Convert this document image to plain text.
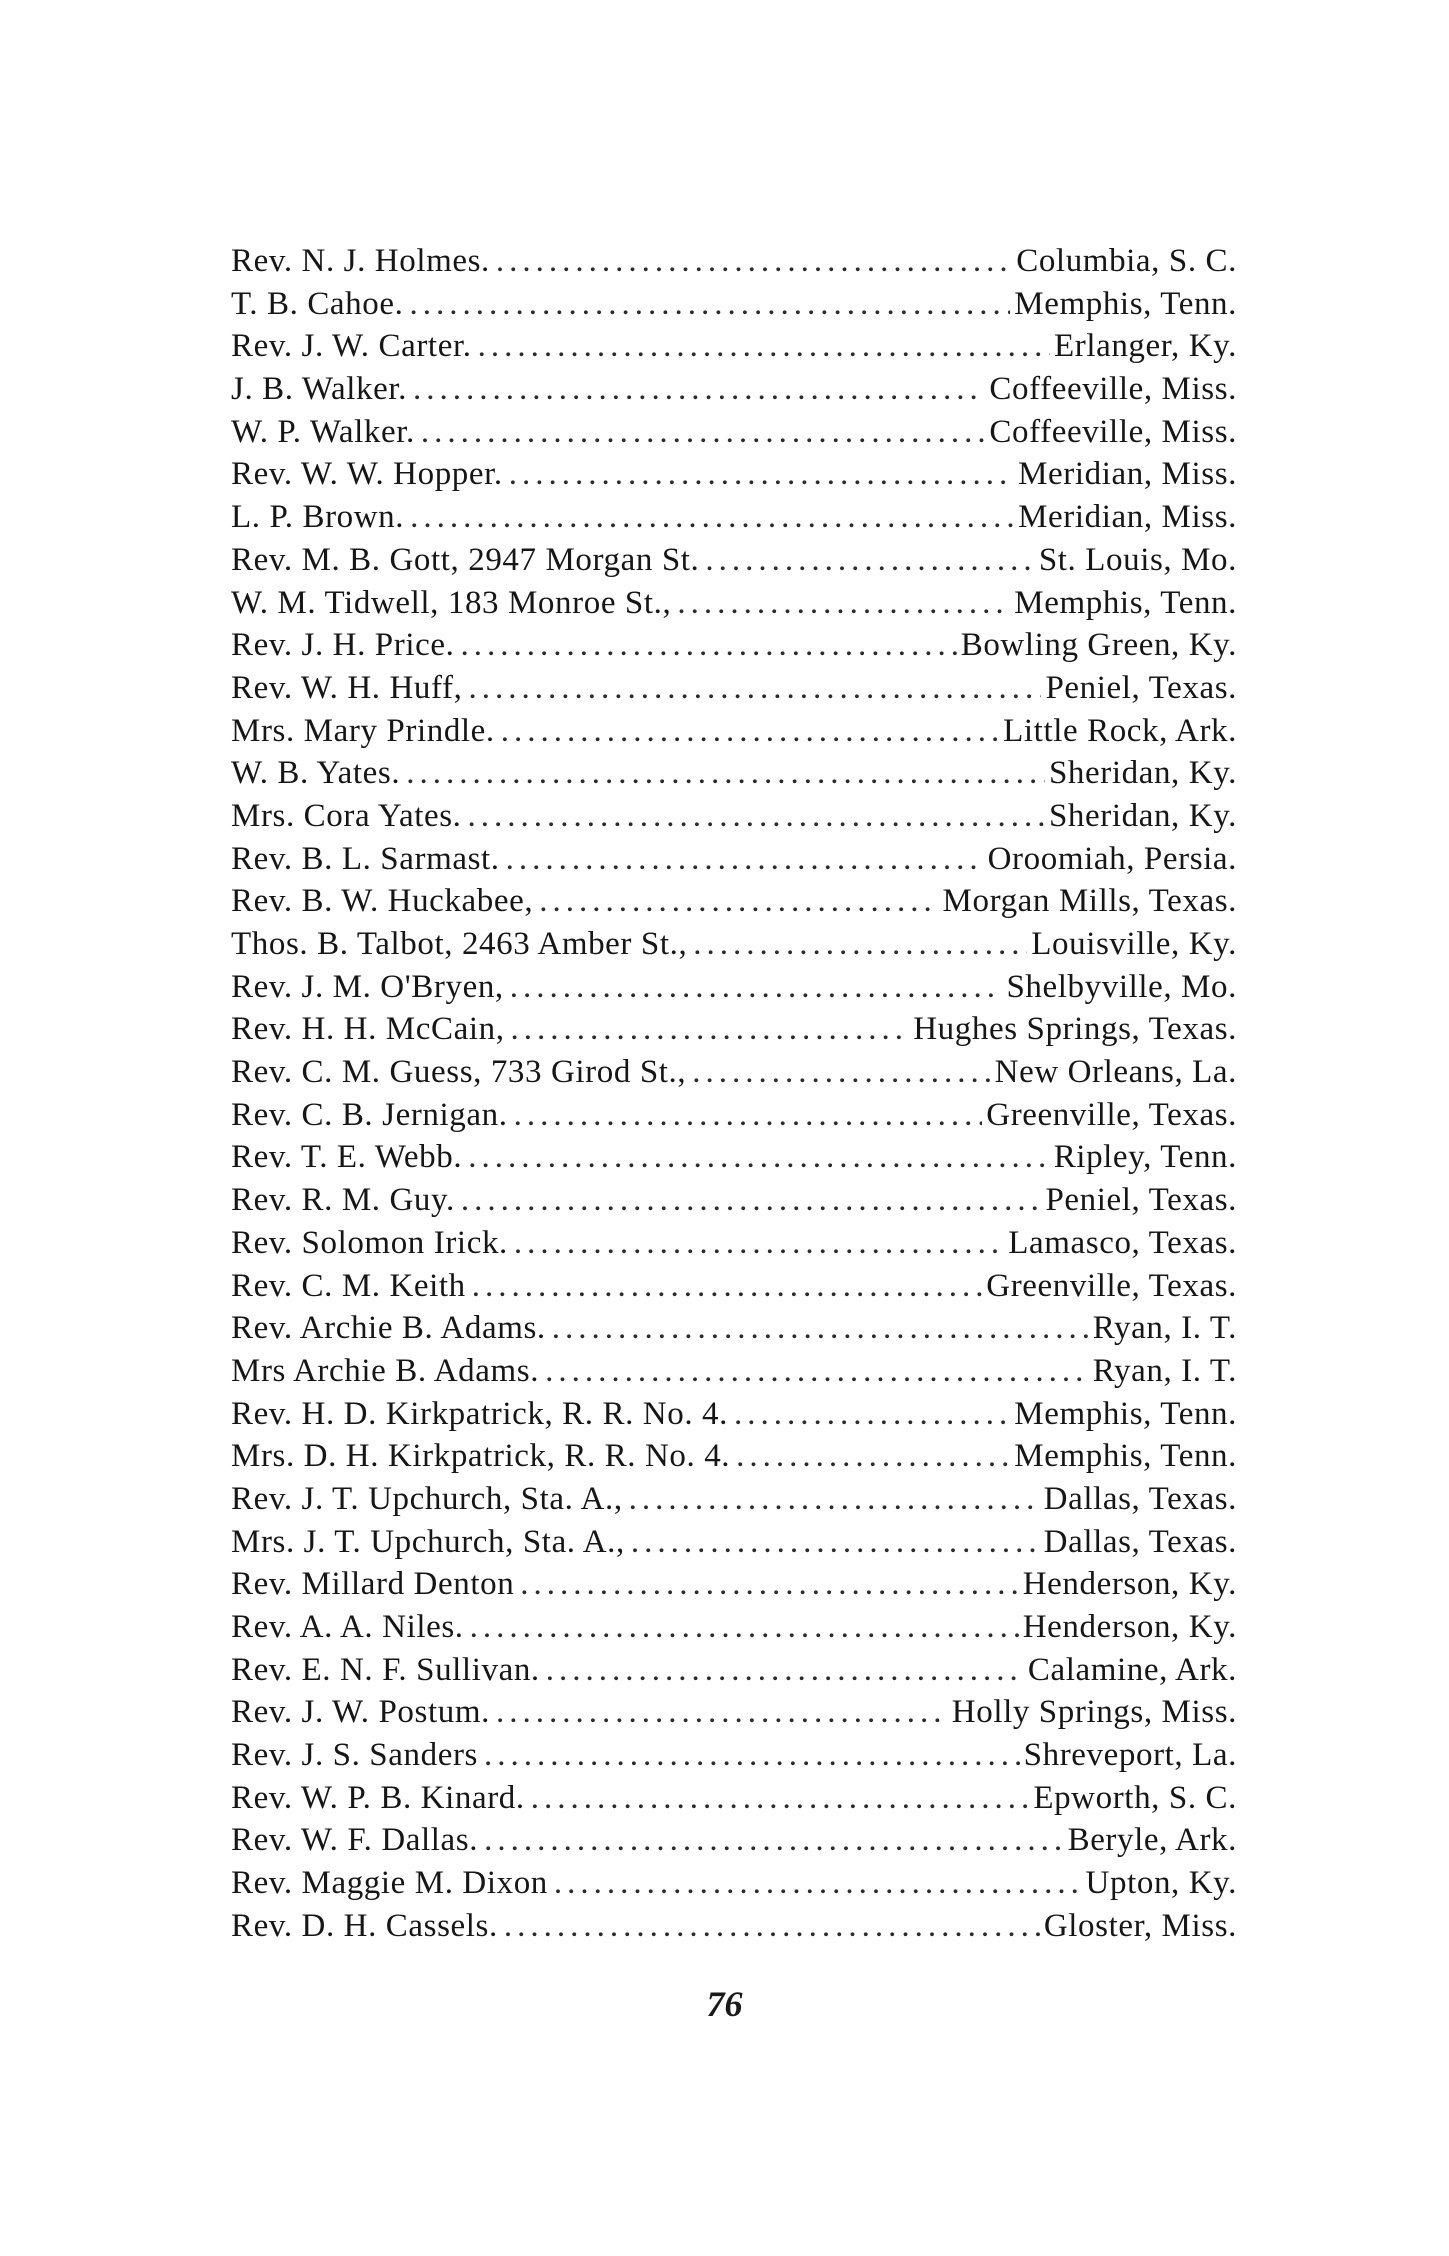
Rev. N. J. Holmes. .....	Columbia, S. C.
T. B. Cahoe. .....	Memphis, Tenn.
Rev. J. W. Carter. .....	Erlanger, Ky.
J. B. Walker. .....	Coffeeville, Miss.
W. P. Walker. .....	Coffeeville, Miss.
Rev. W. W. Hopper. .....	Meridian, Miss.
L. P. Brown. .....	Meridian, Miss.
Rev. M. B. Gott, 2947 Morgan St. .....	St. Louis, Mo.
W. M. Tidwell, 183 Monroe St., .....	Memphis, Tenn.
Rev. J. H. Price. .....	Bowling Green, Ky.
Rev. W. H. Huff, .....	Peniel, Texas.
Mrs. Mary Prindle. .....	Little Rock, Ark.
W. B. Yates. .....	Sheridan, Ky.
Mrs. Cora Yates. .....	Sheridan, Ky.
Rev. B. L. Sarmast. .....	Oroomiah, Persia.
Rev. B. W. Huckabee, .....	Morgan Mills, Texas.
Thos. B. Talbot, 2463 Amber St., .....	Louisville, Ky.
Rev. J. M. O'Bryen, .....	Shelbyville, Mo.
Rev. H. H. McCain, .....	Hughes Springs, Texas.
Rev. C. M. Guess, 733 Girod St., .....	New Orleans, La.
Rev. C. B. Jernigan. .....	Greenville, Texas.
Rev. T. E. Webb. .....	Ripley, Tenn.
Rev. R. M. Guy. .....	Peniel, Texas.
Rev. Solomon Irick. .....	Lamasco, Texas.
Rev. C. M. Keith .....	Greenville, Texas.
Rev. Archie B. Adams. .....	Ryan, I. T.
Mrs Archie B. Adams. .....	Ryan, I. T.
Rev. H. D. Kirkpatrick, R. R. No. 4. .....	Memphis, Tenn.
Mrs. D. H. Kirkpatrick, R. R. No. 4. .....	Memphis, Tenn.
Rev. J. T. Upchurch, Sta. A., .....	Dallas, Texas.
Mrs. J. T. Upchurch, Sta. A., .....	Dallas, Texas.
Rev. Millard Denton .....	Henderson, Ky.
Rev. A. A. Niles. .....	Henderson, Ky.
Rev. E. N. F. Sullivan. .....	Calamine, Ark.
Rev. J. W. Postum. .....	Holly Springs, Miss.
Rev. J. S. Sanders .....	Shreveport, La.
Rev. W. P. B. Kinard. .....	Epworth, S. C.
Rev. W. F. Dallas. .....	Beryle, Ark.
Rev. Maggie M. Dixon .....	Upton, Ky.
Rev. D. H. Cassels. .....	Gloster, Miss.
76
